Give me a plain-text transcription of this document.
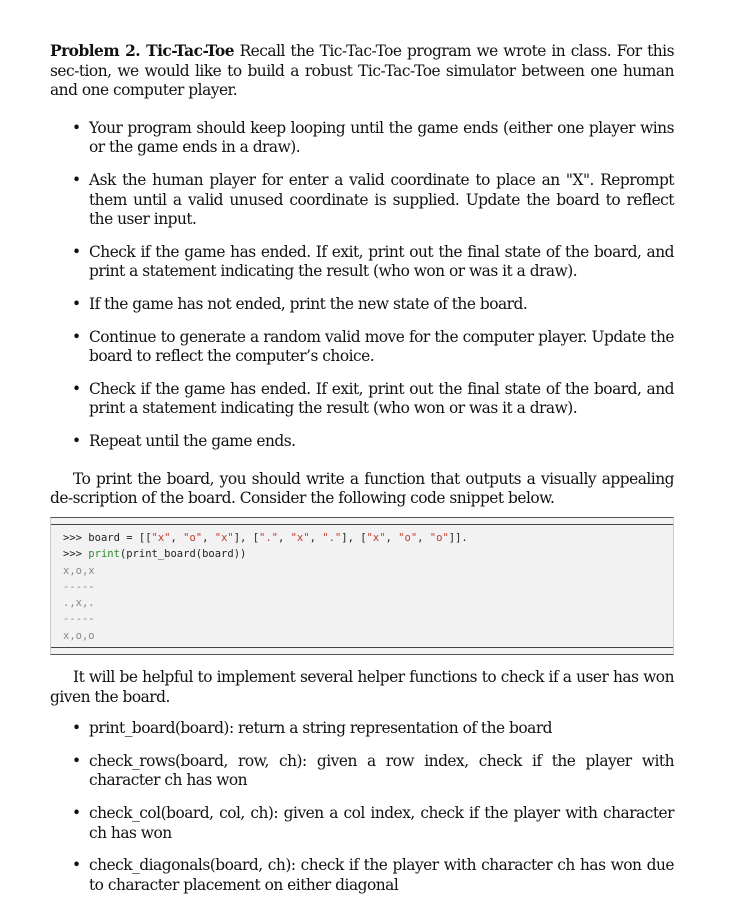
Problem 2. Tic-Tac-Toe Recall the Tic-Tac-Toe program we wrote in class. For this sec-tion, we would like to build a robust Tic-Tac-Toe simulator between one human and one computer player.

• Your program should keep looping until the game ends (either one player wins or the game ends in a draw).
• Ask the human player for enter a valid coordinate to place an "X". Reprompt them until a valid unused coordinate is supplied. Update the board to reflect the user input.
• Check if the game has ended. If exit, print out the final state of the board, and print a statement indicating the result (who won or was it a draw).
• If the game has not ended, print the new state of the board.
• Continue to generate a random valid move for the computer player. Update the board to reflect the computer’s choice.
• Check if the game has ended. If exit, print out the final state of the board, and print a statement indicating the result (who won or was it a draw).
• Repeat until the game ends.

To print the board, you should write a function that outputs a visually appealing de-scription of the board. Consider the following code snippet below.

>>> board = [["x", "o", "x"], [".", "x", "."], ["x", "o", "o"]].
>>> print(print_board(board))
x,o,x
-----
.,x,.
-----
x,o,o

It will be helpful to implement several helper functions to check if a user has won given the board.

• print_board(board): return a string representation of the board
• check_rows(board, row, ch): given a row index, check if the player with character ch has won
• check_col(board, col, ch): given a col index, check if the player with character ch has won
• check_diagonals(board, ch): check if the player with character ch has won due to character placement on either diagonal
